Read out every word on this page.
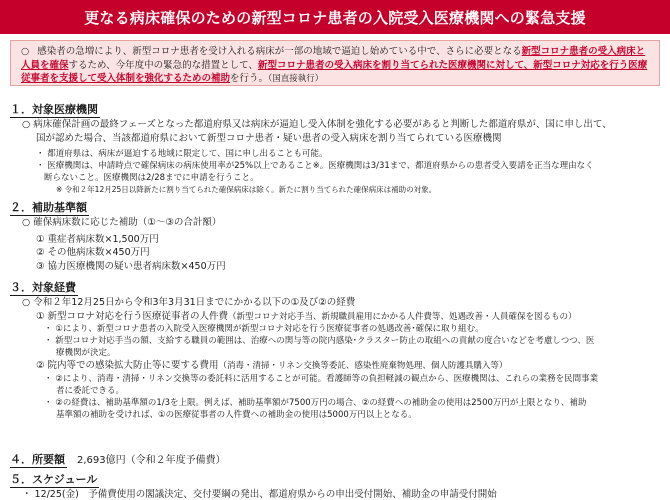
更なる病床確保のための新型コロナ患者の入院受入医療機関への緊急支援
○ 感染者の急増により、新型コロナ患者を受け入れる病床が一部の地域で逼迫し始めている中で、さらに必要となる新型コロナ患者の受入病床と人員を確保するため、今年度中の緊急的な措置として、新型コロナ患者の受入病床を割り当てられた医療機関に対して、新型コロナ対応を行う医療従事者を支援して受入体制を強化するための補助を行う。（国直接執行）
１．対象医療機関
○ 病床確保計画の最終フェーズとなった都道府県又は病床が逼迫し受入体制を強化する必要があると判断した都道府県が、国に申し出て、
国が認めた場合、当該都道府県において新型コロナ患者・疑い患者の受入病床を割り当てられている医療機関
・ 都道府県は、病床が逼迫する地域に限定して、国に申し出ることも可能。
・ 医療機関は、申請時点で確保病床の病床使用率が25%以上であること※。医療機関は3/31まで、都道府県からの患者受入要請を正当な理由なく
断らないこと。医療機関は2/28までに申請を行うこと。
※ 令和２年12月25日以降新たに割り当てられた確保病床は除く。新たに割り当てられた確保病床は補助の対象。
２．補助基準額
○ 確保病床数に応じた補助（①～③の合計額）
① 重症者病床数×1,500万円
② その他病床数×450万円
③ 協力医療機関の疑い患者病床数×450万円
３．対象経費
○ 令和２年12月25日から令和3年3月31日までにかかる以下の①及び②の経費
① 新型コロナ対応を行う医療従事者の人件費（新型コロナ対応手当、新規職員雇用にかかる人件費等、処遇改善・人員確保を図るもの）
・ ①により、新型コロナ患者の入院受入医療機関が新型コロナ対応を行う医療従事者の処遇改善･確保に取り組む。
・ 新型コロナ対応手当の額、支給する職員の範囲は、治療への関与等の院内感染･クラスター防止の取組への貢献の度合いなどを考慮しつつ、医
療機関が決定。
② 院内等での感染拡大防止等に要する費用（消毒・清掃・リネン交換等委託、感染性廃棄物処理、個人防護具購入等）
・ ②により、消毒・清掃・リネン交換等の委託料に活用することが可能。看護師等の負担軽減の観点から、医療機関は、これらの業務を民間事業
者に委託できる。
・ ②の経費は、補助基準額の1/3を上限。例えば、補助基準額が7500万円の場合、②の経費への補助金の使用は2500万円が上限となり、補助
基準額の補助を受ければ、①の医療従事者の人件費への補助金の使用は5000万円以上となる。
４．所要額 2,693億円（令和２年度予備費）
５．スケジュール
・ 12/25(金)　予備費使用の閣議決定、交付要綱の発出、都道府県からの申出受付開始、補助金の申請受付開始
